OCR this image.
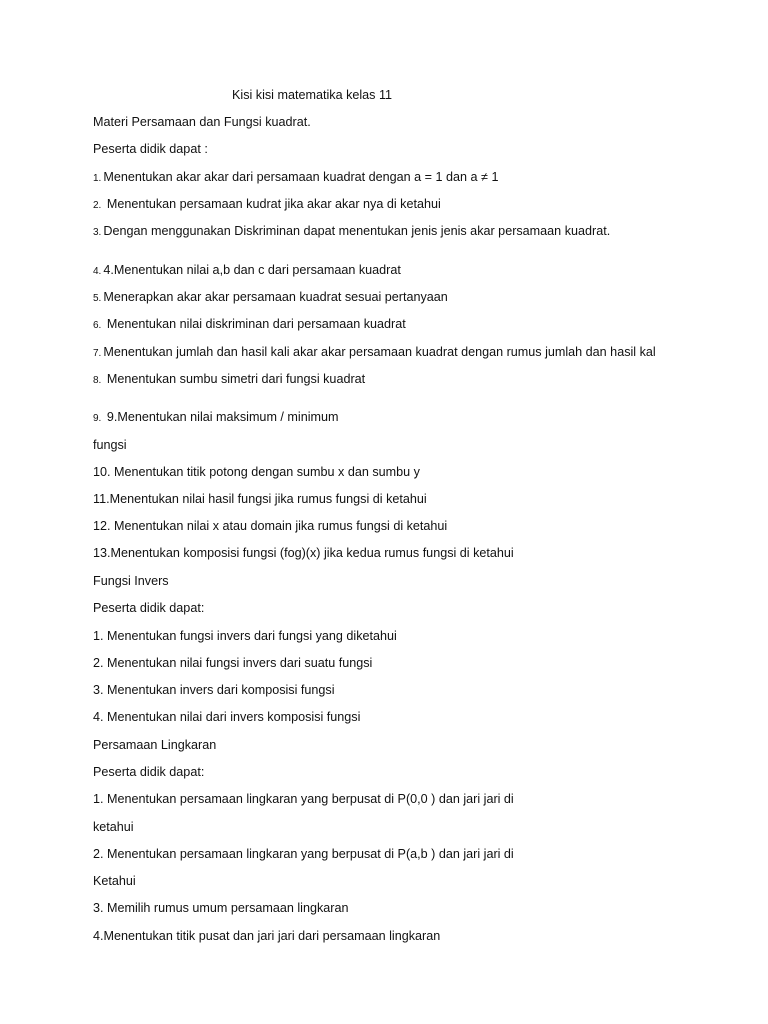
Kisi kisi matematika kelas 11
Materi Persamaan dan Fungsi kuadrat.
Peserta didik dapat :
1. Menentukan akar akar dari persamaan kuadrat dengan a = 1 dan a ≠ 1
2. Menentukan persamaan kudrat jika akar akar nya di ketahui
3. Dengan menggunakan Diskriminan dapat menentukan jenis jenis akar persamaan kuadrat.
4. 4.Menentukan nilai a,b dan c dari persamaan kuadrat
5. Menerapkan akar akar persamaan kuadrat sesuai pertanyaan
6. Menentukan nilai diskriminan dari persamaan kuadrat
7. Menentukan jumlah dan hasil kali akar akar persamaan kuadrat dengan rumus jumlah dan hasil kal
8. Menentukan sumbu simetri dari fungsi kuadrat
9. 9.Menentukan nilai maksimum / minimum
fungsi
10. Menentukan titik potong dengan sumbu x dan sumbu y
11.Menentukan nilai hasil fungsi jika rumus fungsi di ketahui
12. Menentukan nilai x atau domain jika rumus fungsi di ketahui
13.Menentukan komposisi fungsi (fog)(x) jika kedua rumus fungsi di ketahui
Fungsi Invers
Peserta didik dapat:
1. Menentukan fungsi invers dari fungsi yang diketahui
2. Menentukan nilai fungsi invers dari suatu fungsi
3. Menentukan invers dari komposisi fungsi
4. Menentukan nilai dari invers komposisi fungsi
Persamaan Lingkaran
Peserta didik dapat:
1. Menentukan persamaan lingkaran yang berpusat di P(0,0 ) dan jari jari di
ketahui
2. Menentukan persamaan lingkaran yang berpusat di P(a,b ) dan jari jari di
Ketahui
3. Memilih rumus umum persamaan lingkaran
4.Menentukan titik pusat dan jari jari dari persamaan lingkaran
